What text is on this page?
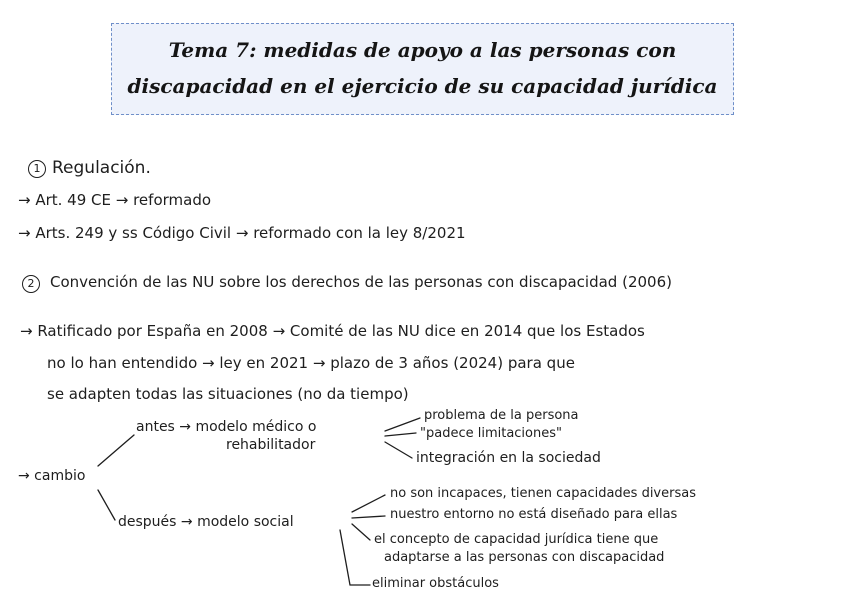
Tema 7: medidas de apoyo a las personas con
discapacidad en el ejercicio de su capacidad jurídica
1 Regulación.
→ Art. 49 CE → reformado
→ Arts. 249 y ss Código Civil → reformado con la ley 8/2021
2	Convención de las NU sobre los derechos de las personas con discapacidad (2006)
→ Ratificado por España en 2008 → Comité de las NU dice en 2014 que los Estados
no lo han entendido → ley en 2021 → plazo de 3 años (2024) para que
se adapten todas las situaciones (no da tiempo)
→ cambio
antes → modelo médico o
rehabilitador
problema de la persona
"padece limitaciones"
integración en la sociedad
después → modelo social
no son incapaces, tienen capacidades diversas
nuestro entorno no está diseñado para ellas
el concepto de capacidad jurídica tiene que
adaptarse a las personas con discapacidad
eliminar obstáculos
